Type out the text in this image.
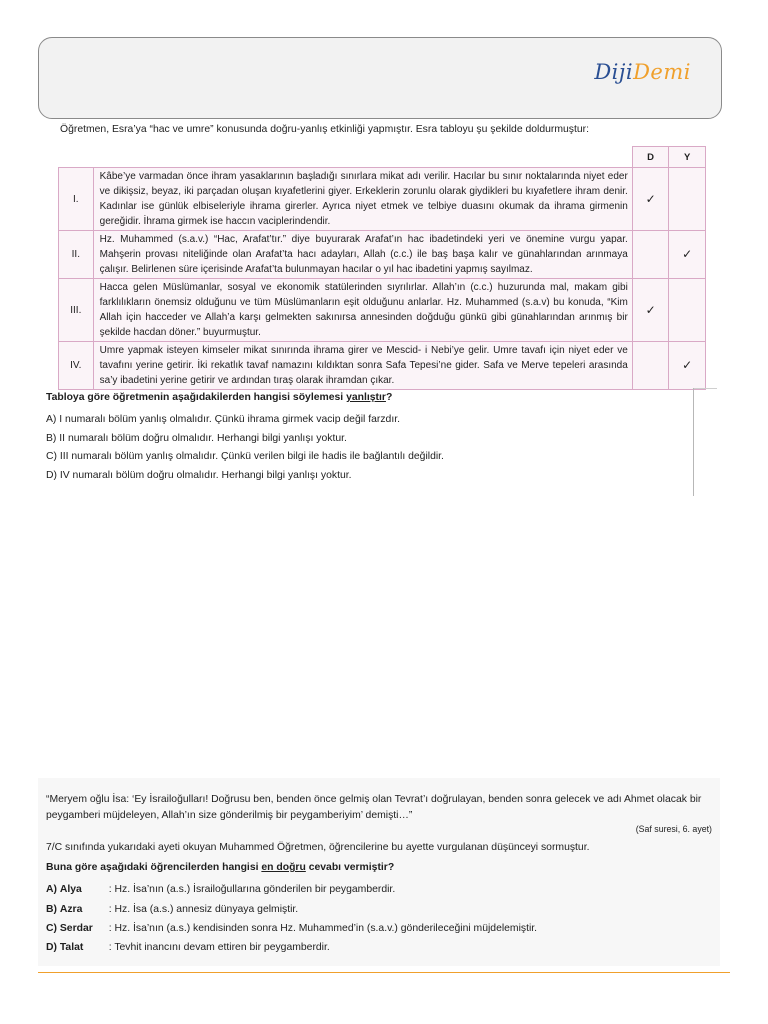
DijiDemi
Öğretmen, Esra’ya “hac ve umre” konusunda doğru-yanlış etkinliği yapmıştır. Esra tabloyu şu şekilde doldurmuştur:
		D	Y
I.	Kâbe’ye varmadan önce ihram yasaklarının başladığı sınırlara mikat adı verilir. Hacılar bu sınır noktalarında niyet eder ve dikişsiz, beyaz, iki parçadan oluşan kıyafetlerini giyer. Erkeklerin zorunlu olarak giydikleri bu kıyafetlere ihram denir. Kadınlar ise günlük elbiseleriyle ihrama girerler. Ayrıca niyet etmek ve telbiye duasını okumak da ihrama girmenin gereğidir. İhrama girmek ise haccın vaciplerindendir.	✓	
II.	Hz. Muhammed (s.a.v.) “Hac, Arafat’tır.” diye buyurarak Arafat’ın hac ibadetindeki yeri ve önemine vurgu yapar. Mahşerin provası niteliğinde olan Arafat’ta hacı adayları, Allah (c.c.) ile baş başa kalır ve günahlarından arınmaya çalışır. Belirlenen süre içerisinde Arafat’ta bulunmayan hacılar o yıl hac ibadetini yapmış sayılmaz.		✓
III.	Hacca gelen Müslümanlar, sosyal ve ekonomik statülerinden sıyrılırlar. Allah’ın (c.c.) huzurunda mal, makam gibi farklılıkların önemsiz olduğunu ve tüm Müslümanların eşit olduğunu anlarlar. Hz. Muhammed (s.a.v) bu konuda, “Kim Allah için hacceder ve Allah’a karşı gelmekten sakınırsa annesinden doğduğu günkü gibi günahlarından arınmış bir şekilde hacdan döner.” buyurmuştur.	✓	
IV.	Umre yapmak isteyen kimseler mikat sınırında ihrama girer ve Mescid- i Nebi’ye gelir. Umre tavafı için niyet eder ve tavafını yerine getirir. İki rekatlık tavaf namazını kıldıktan sonra Safa Tepesi’ne gider. Safa ve Merve tepeleri arasında sa’y ibadetini yerine getirir ve ardından tıraş olarak ihramdan çıkar.		✓
Tabloya göre öğretmenin aşağıdakilerden hangisi söylemesi yanlıştır?
A) I numaralı bölüm yanlış olmalıdır. Çünkü ihrama girmek vacip değil farzdır.
B) II numaralı bölüm doğru olmalıdır. Herhangi bilgi yanlışı yoktur.
C) III numaralı bölüm yanlış olmalıdır. Çünkü verilen bilgi ile hadis ile bağlantılı değildir.
D) IV numaralı bölüm doğru olmalıdır. Herhangi bilgi yanlışı yoktur.
“Meryem oğlu İsa: ‘Ey İsrailoğulları! Doğrusu ben, benden önce gelmiş olan Tevrat’ı doğrulayan, benden sonra gelecek ve adı Ahmet olacak bir peygamberi müjdeleyen, Allah’ın size gönderilmiş bir peygamberiyim’ demişti…”
(Saf suresi, 6. ayet)
7/C sınıfında yukarıdaki ayeti okuyan Muhammed Öğretmen, öğrencilerine bu ayette vurgulanan düşünceyi sormuştur.
Buna göre aşağıdaki öğrencilerden hangisi en doğru cevabı vermiştir?
A) Alya	: Hz. İsa’nın (a.s.) İsrailoğullarına gönderilen bir peygamberdir.
B) Azra	: Hz. İsa (a.s.) annesiz dünyaya gelmiştir.
C) Serdar : Hz. İsa’nın (a.s.) kendisinden sonra Hz. Muhammed’in (s.a.v.) gönderileceğini müjdelemiştir.
D) Talat : Tevhit inancını devam ettiren bir peygamberdir.
